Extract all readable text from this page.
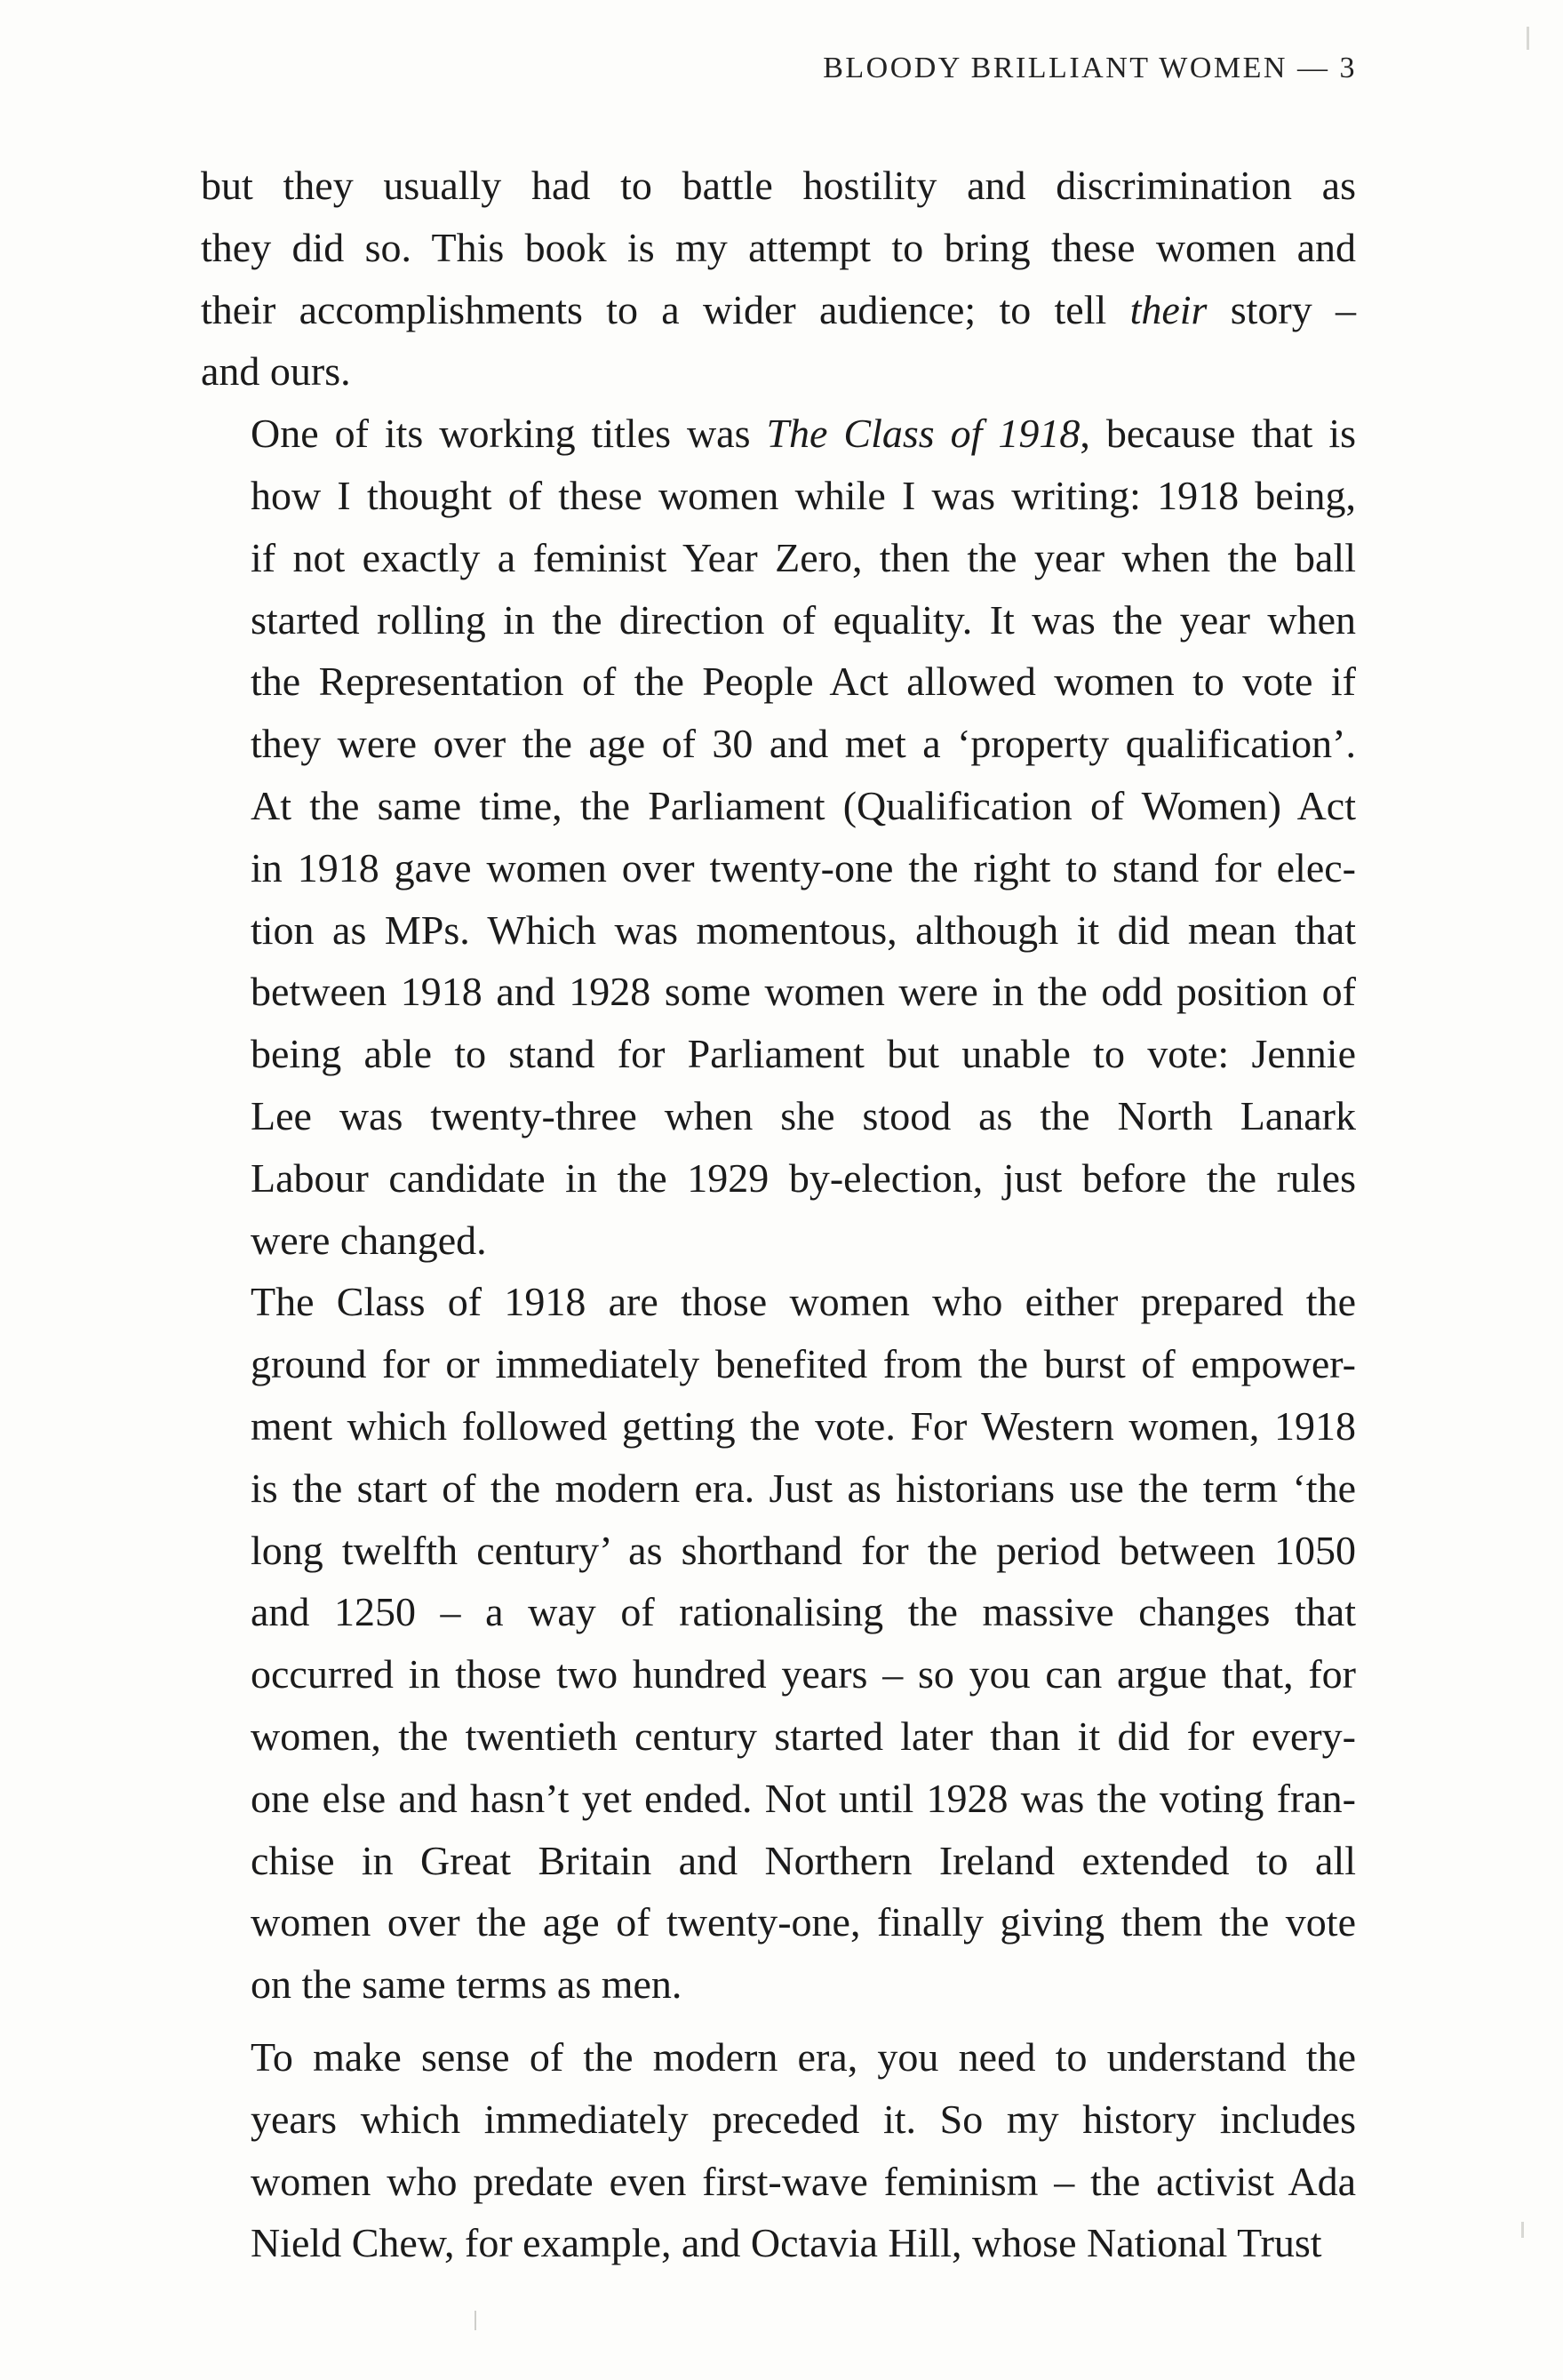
BLOODY BRILLIANT WOMEN — 3

but they usually had to battle hostility and discrimination as
they did so. This book is my attempt to bring these women and
their accomplishments to a wider audience; to tell their story –
and ours.

One of its working titles was The Class of 1918, because that is
how I thought of these women while I was writing: 1918 being,
if not exactly a feminist Year Zero, then the year when the ball
started rolling in the direction of equality. It was the year when
the Representation of the People Act allowed women to vote if
they were over the age of 30 and met a ‘property qualification’.
At the same time, the Parliament (Qualification of Women) Act
in 1918 gave women over twenty-one the right to stand for elec-
tion as MPs. Which was momentous, although it did mean that
between 1918 and 1928 some women were in the odd position of
being able to stand for Parliament but unable to vote: Jennie
Lee was twenty-three when she stood as the North Lanark
Labour candidate in the 1929 by-election, just before the rules
were changed.

The Class of 1918 are those women who either prepared the
ground for or immediately benefited from the burst of empower-
ment which followed getting the vote. For Western women, 1918
is the start of the modern era. Just as historians use the term ‘the
long twelfth century’ as shorthand for the period between 1050
and 1250 – a way of rationalising the massive changes that
occurred in those two hundred years – so you can argue that, for
women, the twentieth century started later than it did for every-
one else and hasn’t yet ended. Not until 1928 was the voting fran-
chise in Great Britain and Northern Ireland extended to all
women over the age of twenty-one, finally giving them the vote
on the same terms as men.

To make sense of the modern era, you need to understand the
years which immediately preceded it. So my history includes
women who predate even first-wave feminism – the activist Ada
Nield Chew, for example, and Octavia Hill, whose National Trust
